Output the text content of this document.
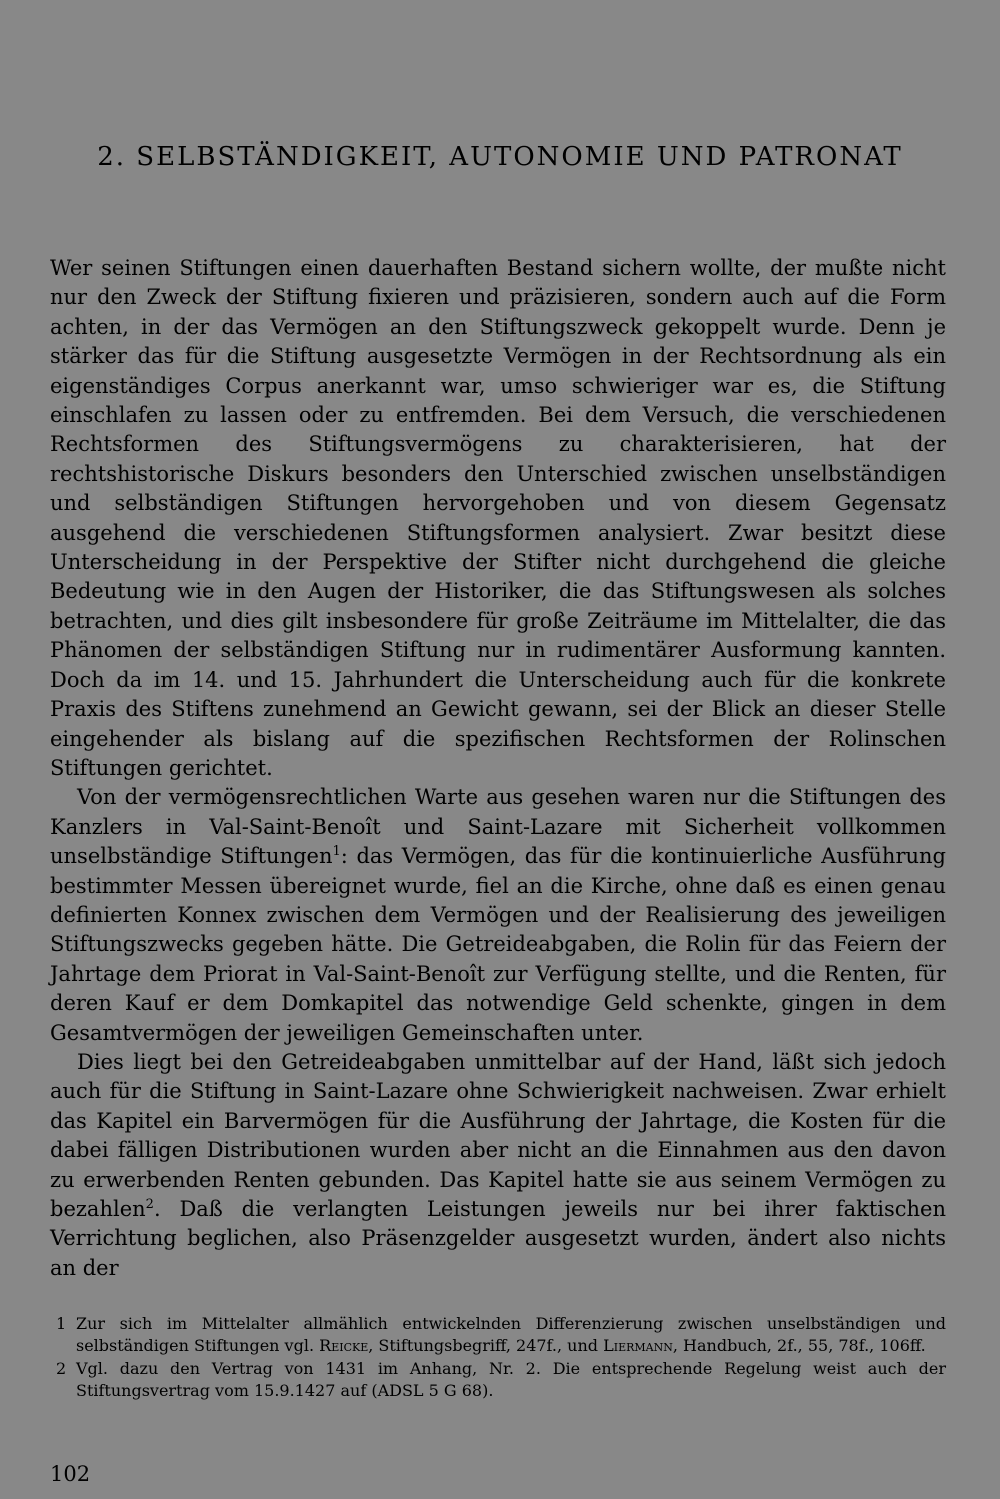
2. SELBSTÄNDIGKEIT, AUTONOMIE UND PATRONAT

Wer seinen Stiftungen einen dauerhaften Bestand sichern wollte, der mußte nicht nur den Zweck der Stiftung fixieren und präzisieren, sondern auch auf die Form achten, in der das Vermögen an den Stiftungszweck gekoppelt wurde. Denn je stärker das für die Stiftung ausgesetzte Vermögen in der Rechtsordnung als ein eigenständiges Corpus anerkannt war, umso schwieriger war es, die Stiftung einschlafen zu lassen oder zu entfremden. Bei dem Versuch, die verschiedenen Rechtsformen des Stiftungsvermögens zu charakterisieren, hat der rechtshistorische Diskurs besonders den Unterschied zwischen unselbständigen und selbständigen Stiftungen hervorgehoben und von diesem Gegensatz ausgehend die verschiedenen Stiftungsformen analysiert. Zwar besitzt diese Unterscheidung in der Perspektive der Stifter nicht durchgehend die gleiche Bedeutung wie in den Augen der Historiker, die das Stiftungswesen als solches betrachten, und dies gilt insbesondere für große Zeiträume im Mittelalter, die das Phänomen der selbständigen Stiftung nur in rudimentärer Ausformung kannten. Doch da im 14. und 15. Jahrhundert die Unterscheidung auch für die konkrete Praxis des Stiftens zunehmend an Gewicht gewann, sei der Blick an dieser Stelle eingehender als bislang auf die spezifischen Rechtsformen der Rolinschen Stiftungen gerichtet.

Von der vermögensrechtlichen Warte aus gesehen waren nur die Stiftungen des Kanzlers in Val-Saint-Benoît und Saint-Lazare mit Sicherheit vollkommen unselbständige Stiftungen$^1$: das Vermögen, das für die kontinuierliche Ausführung bestimmter Messen übereignet wurde, fiel an die Kirche, ohne daß es einen genau definierten Konnex zwischen dem Vermögen und der Realisierung des jeweiligen Stiftungszwecks gegeben hätte. Die Getreideabgaben, die Rolin für das Feiern der Jahrtage dem Priorat in Val-Saint-Benoît zur Verfügung stellte, und die Renten, für deren Kauf er dem Domkapitel das notwendige Geld schenkte, gingen in dem Gesamtvermögen der jeweiligen Gemeinschaften unter.

Dies liegt bei den Getreideabgaben unmittelbar auf der Hand, läßt sich jedoch auch für die Stiftung in Saint-Lazare ohne Schwierigkeit nachweisen. Zwar erhielt das Kapitel ein Barvermögen für die Ausführung der Jahrtage, die Kosten für die dabei fälligen Distributionen wurden aber nicht an die Einnahmen aus den davon zu erwerbenden Renten gebunden. Das Kapitel hatte sie aus seinem Vermögen zu bezahlen$^2$. Daß die verlangten Leistungen jeweils nur bei ihrer faktischen Verrichtung beglichen, also Präsenzgelder ausgesetzt wurden, ändert also nichts an der

1 Zur sich im Mittelalter allmählich entwickelnden Differenzierung zwischen unselbständigen und selbständigen Stiftungen vgl. Reicke, Stiftungsbegriff, 247f., und Liermann, Handbuch, 2f., 55, 78f., 106ff.
2 Vgl. dazu den Vertrag von 1431 im Anhang, Nr. 2. Die entsprechende Regelung weist auch der Stiftungsvertrag vom 15.9.1427 auf (ADSL 5 G 68).
102
